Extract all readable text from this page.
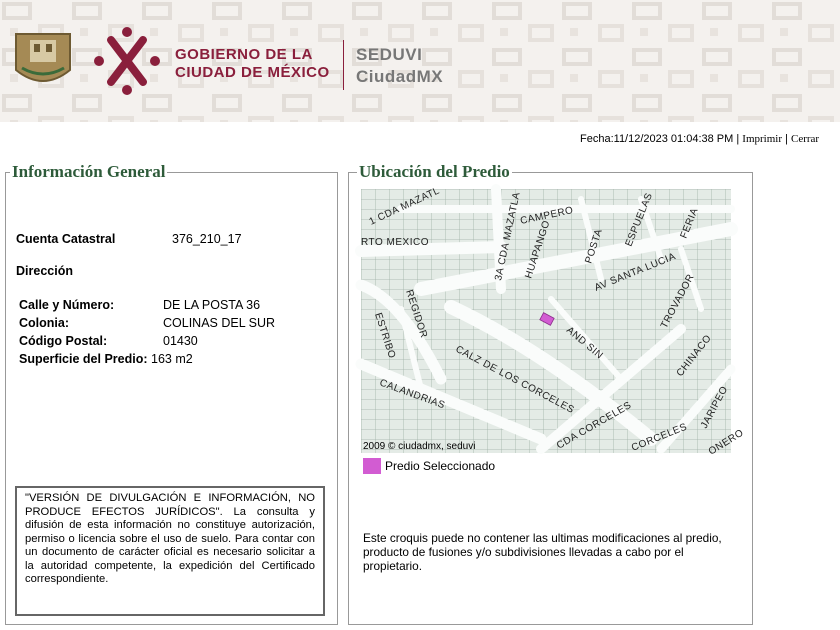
GOBIERNO DE LA
CIUDAD DE MÉXICO
SEDUVI
CiudadMX
Fecha:11/12/2023 01:04:38 PM | Imprimir | Cerrar
Información General
Cuenta Catastral	376_210_17
Dirección
Calle y Número:	DE LA POSTA 36
Colonia:	COLINAS DEL SUR
Código Postal:	01430
Superficie del Predio: 163 m2
"VERSIÓN DE DIVULGACIÓN E INFORMACIÓN, NO PRODUCE EFECTOS JURÍDICOS". La consulta y difusión de esta información no constituye autorización, permiso o licencia sobre el uso de suelo. Para contar con un documento de carácter oficial es necesario solicitar a la autoridad competente, la expedición del Certificado correspondiente.
Ubicación del Predio
1 CDA MAZATL
RTO MEXICO	3A CDA MAZATLA
CAMPERO
HUAPANGO	POSTA ESPUELAS FERIA
AV SANTA LUCIA
REGIDOR
ESTRIBO	AND SIN
TROVADOR
CALZ DE LOS CORCELES	CHINACO
CALANDRIAS	JARIPEO
CDA CORCELES
CORCELES ONERO
2009 © ciudadmx, seduvi
Predio Seleccionado
Este croquis puede no contener las ultimas modificaciones al predio, producto de fusiones y/o subdivisiones llevadas a cabo por el propietario.
